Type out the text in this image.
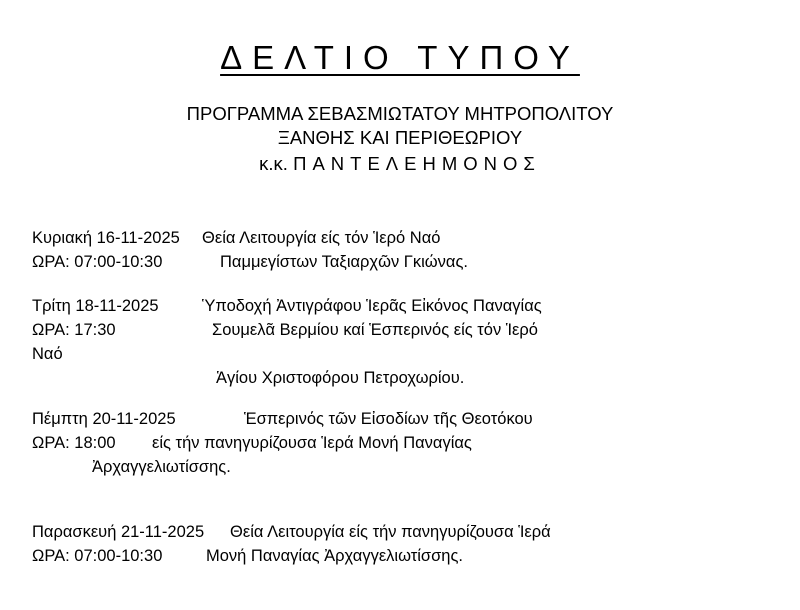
ΔΕΛΤΙΟ ΤΥΠΟΥ
ΠΡΟΓΡΑΜΜΑ ΣΕΒΑΣΜΙΩΤΑΤΟΥ ΜΗΤΡΟΠΟΛΙΤΟΥ
ΞΑΝΘΗΣ ΚΑΙ ΠΕΡΙΘΕΩΡΙΟΥ
κ.κ. ΠΑΝΤΕΛΕΗΜΟΝΟΣ
Κυριακή 16-11-2025 Θεία Λειτουργία είς τόν Ἱερό Ναό
ΩΡΑ: 07:00-10:30	Παμμεγίστων Ταξιαρχῶν Γκιώνας.
Τρίτη 18-11-2025	Ὑποδοχή Ἀντιγράφου Ἱερᾶς Εἰκόνος Παναγίας
ΩΡΑ: 17:30	Σουμελᾶ Βερμίου καί Ἑσπερινός είς τόν Ἱερό
Ναό
Ἁγίου Χριστοφόρου Πετροχωρίου.
Πέμπτη 20-11-2025	Ἑσπερινός τῶν Εἰσοδίων τῆς Θεοτόκου
ΩΡΑ: 18:00 είς τήν πανηγυρίζουσα Ἱερά Μονή Παναγίας
Ἀρχαγγελιωτίσσης.
Παρασκευή 21-11-2025 Θεία Λειτουργία είς τήν πανηγυρίζουσα Ἱερά
ΩΡΑ: 07:00-10:30	Μονή Παναγίας Ἀρχαγγελιωτίσσης.
